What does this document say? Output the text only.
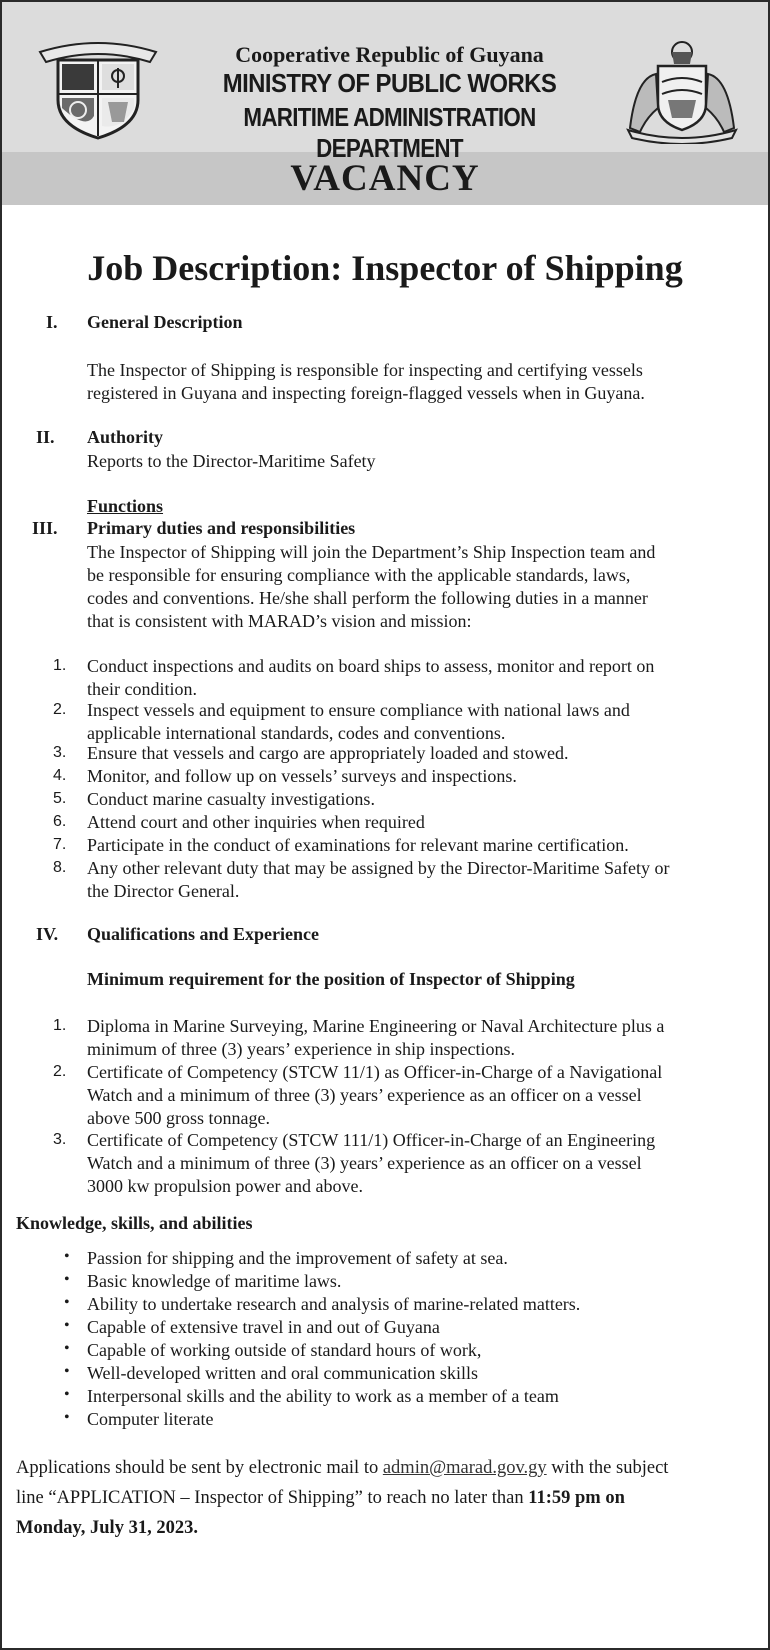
Cooperative Republic of Guyana
MINISTRY OF PUBLIC WORKS
MARITIME ADMINISTRATION DEPARTMENT
VACANCY
Job Description: Inspector of Shipping
I. General Description
The Inspector of Shipping is responsible for inspecting and certifying vessels
registered in Guyana and inspecting foreign-flagged vessels when in Guyana.
II. Authority
Reports to the Director-Maritime Safety
Functions
III. Primary duties and responsibilities
The Inspector of Shipping will join the Department’s Ship Inspection team and
be responsible for ensuring compliance with the applicable standards, laws,
codes and conventions. He/she shall perform the following duties in a manner
that is consistent with MARAD’s vision and mission:
1. Conduct inspections and audits on board ships to assess, monitor and report on
their condition.
2. Inspect vessels and equipment to ensure compliance with national laws and
applicable international standards, codes and conventions.
3. Ensure that vessels and cargo are appropriately loaded and stowed.
4. Monitor, and follow up on vessels’ surveys and inspections.
5. Conduct marine casualty investigations.
6. Attend court and other inquiries when required
7. Participate in the conduct of examinations for relevant marine certification.
8. Any other relevant duty that may be assigned by the Director-Maritime Safety or
the Director General.
IV. Qualifications and Experience
Minimum requirement for the position of Inspector of Shipping
1. Diploma in Marine Surveying, Marine Engineering or Naval Architecture plus a
minimum of three (3) years’ experience in ship inspections.
2. Certificate of Competency (STCW 11/1) as Officer-in-Charge of a Navigational
Watch and a minimum of three (3) years’ experience as an officer on a vessel
above 500 gross tonnage.
3. Certificate of Competency (STCW 111/1) Officer-in-Charge of an Engineering
Watch and a minimum of three (3) years’ experience as an officer on a vessel
3000 kw propulsion power and above.
Knowledge, skills, and abilities
• Passion for shipping and the improvement of safety at sea.
• Basic knowledge of maritime laws.
• Ability to undertake research and analysis of marine-related matters.
• Capable of extensive travel in and out of Guyana
• Capable of working outside of standard hours of work,
• Well-developed written and oral communication skills
• Interpersonal skills and the ability to work as a member of a team
• Computer literate
Applications should be sent by electronic mail to admin@marad.gov.gy with the subject
line “APPLICATION – Inspector of Shipping” to reach no later than 11:59 pm on
Monday, July 31, 2023.
